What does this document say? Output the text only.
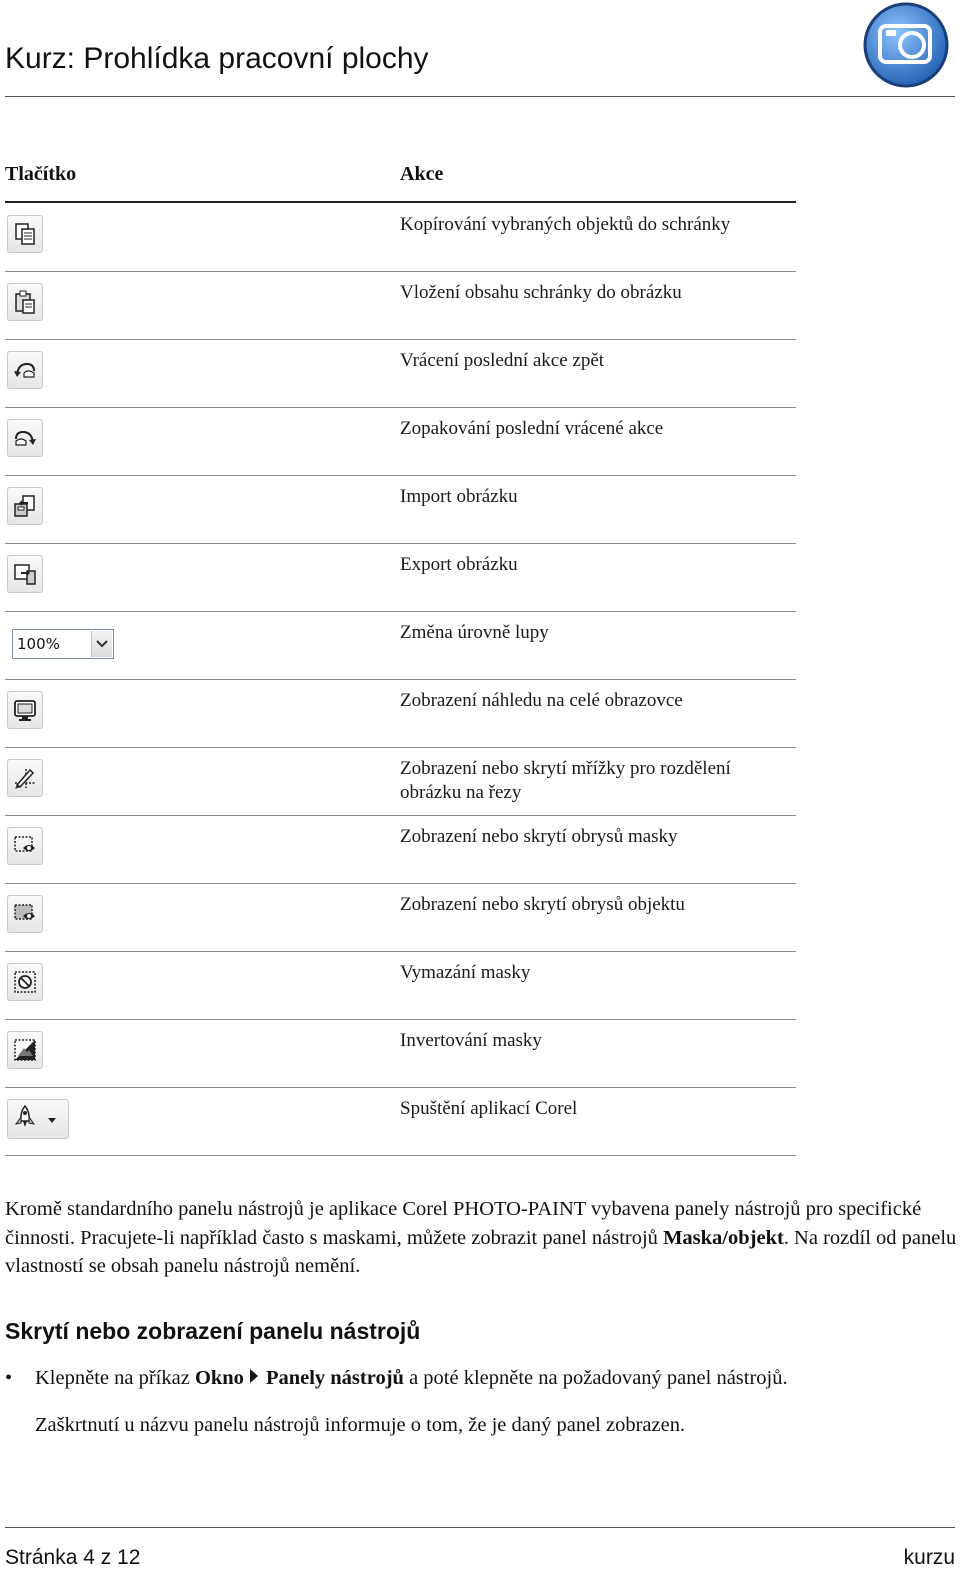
Kurz: Prohlídka pracovní plochy
Tlačítko	Akce
Kopírování vybraných objektů do schránky
Vložení obsahu schránky do obrázku
Vrácení poslední akce zpět
Zopakování poslední vrácené akce
Import obrázku
Export obrázku
100%
Změna úrovně lupy
Zobrazení náhledu na celé obrazovce
Zobrazení nebo skrytí mřížky pro rozdělení obrázku na řezy
Zobrazení nebo skrytí obrysů masky
Zobrazení nebo skrytí obrysů objektu
Vymazání masky
Invertování masky
Spuštění aplikací Corel
Kromě standardního panelu nástrojů je aplikace Corel PHOTO-PAINT vybavena panely nástrojů pro specifické činnosti. Pracujete-li například často s maskami, můžete zobrazit panel nástrojů Maska/objekt. Na rozdíl od panelu vlastností se obsah panelu nástrojů nemění.
Skrytí nebo zobrazení panelu nástrojů
• Klepněte na příkaz Okno Panely nástrojů a poté klepněte na požadovaný panel nástrojů.
Zaškrtnutí u názvu panelu nástrojů informuje o tom, že je daný panel zobrazen.
Stránka 4 z 12	kurzu
